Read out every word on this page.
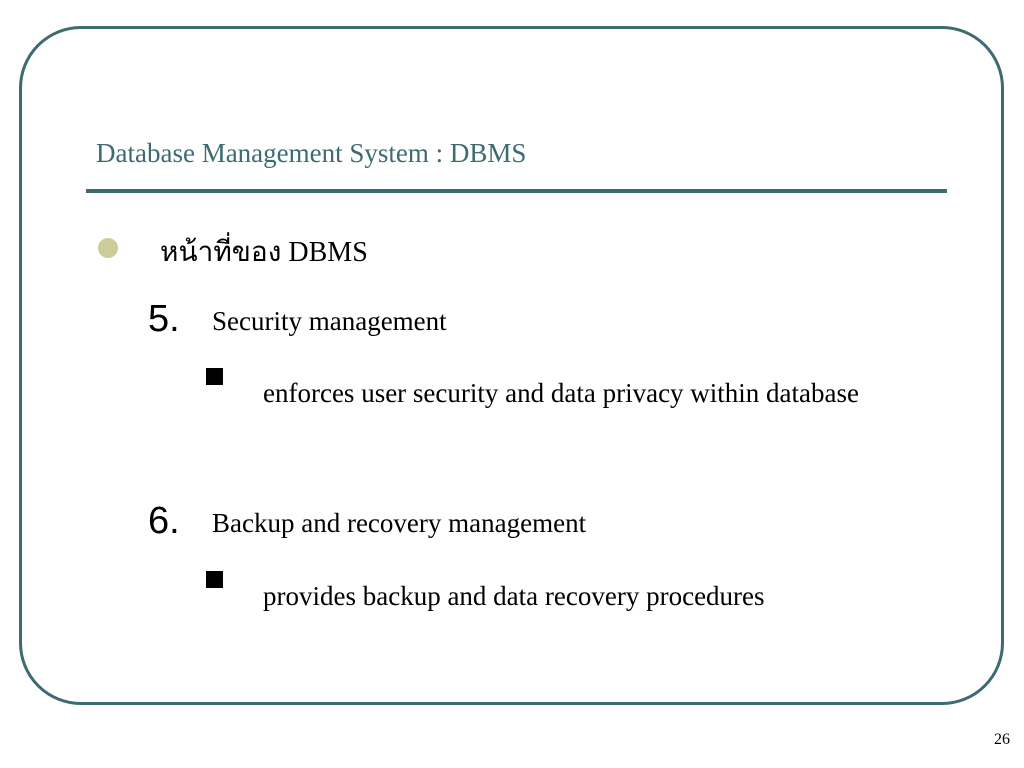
Database Management System : DBMS
หน้าที่ของ DBMS
5. Security management
enforces user security and data privacy within database
6. Backup and recovery management
provides backup and data recovery procedures
26
